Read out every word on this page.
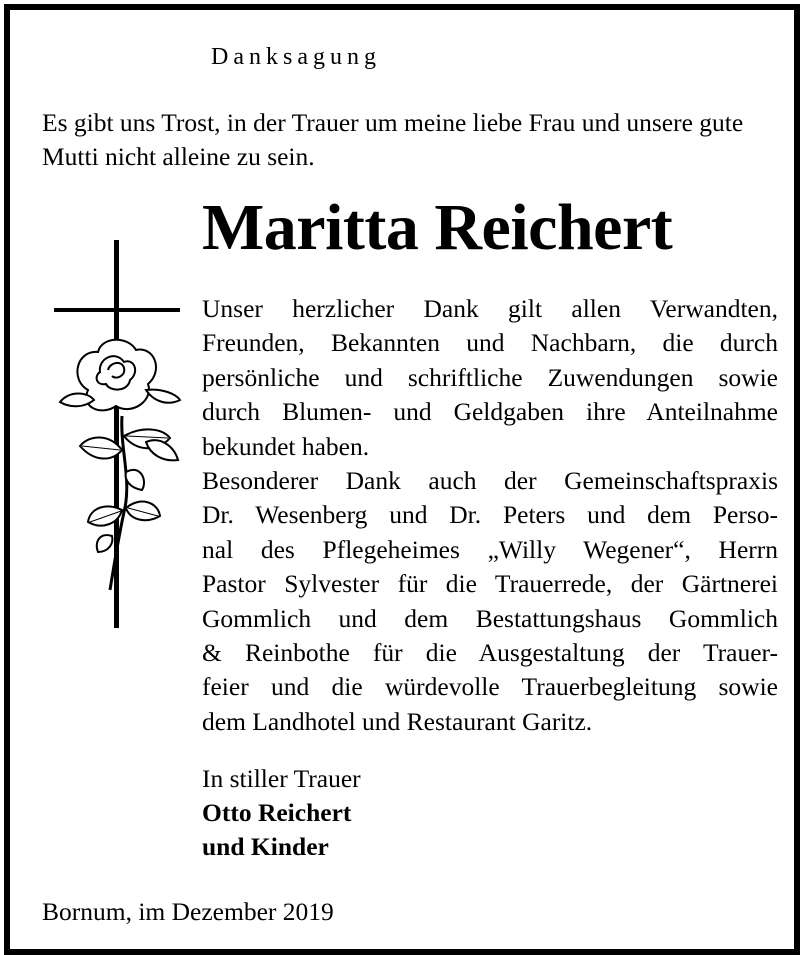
Danksagung
Es gibt uns Trost, in der Trauer um meine liebe Frau und unsere gute Mutti nicht alleine zu sein.
Maritta Reichert

Unser herzlicher Dank gilt allen Verwandten,
Freunden, Bekannten und Nachbarn, die durch
persönliche und schriftliche Zuwendungen sowie
durch Blumen- und Geldgaben ihre Anteilnahme
bekundet haben.
Besonderer Dank auch der Gemeinschaftspraxis
Dr. Wesenberg und Dr. Peters und dem Perso-
nal des Pflegeheimes „Willy Wegener“, Herrn
Pastor Sylvester für die Trauerrede, der Gärtnerei
Gommlich und dem Bestattungshaus Gommlich
& Reinbothe für die Ausgestaltung der Trauer-
feier und die würdevolle Trauerbegleitung sowie
dem Landhotel und Restaurant Garitz.

In stiller Trauer
Otto Reichert
und Kinder
Bornum, im Dezember 2019
